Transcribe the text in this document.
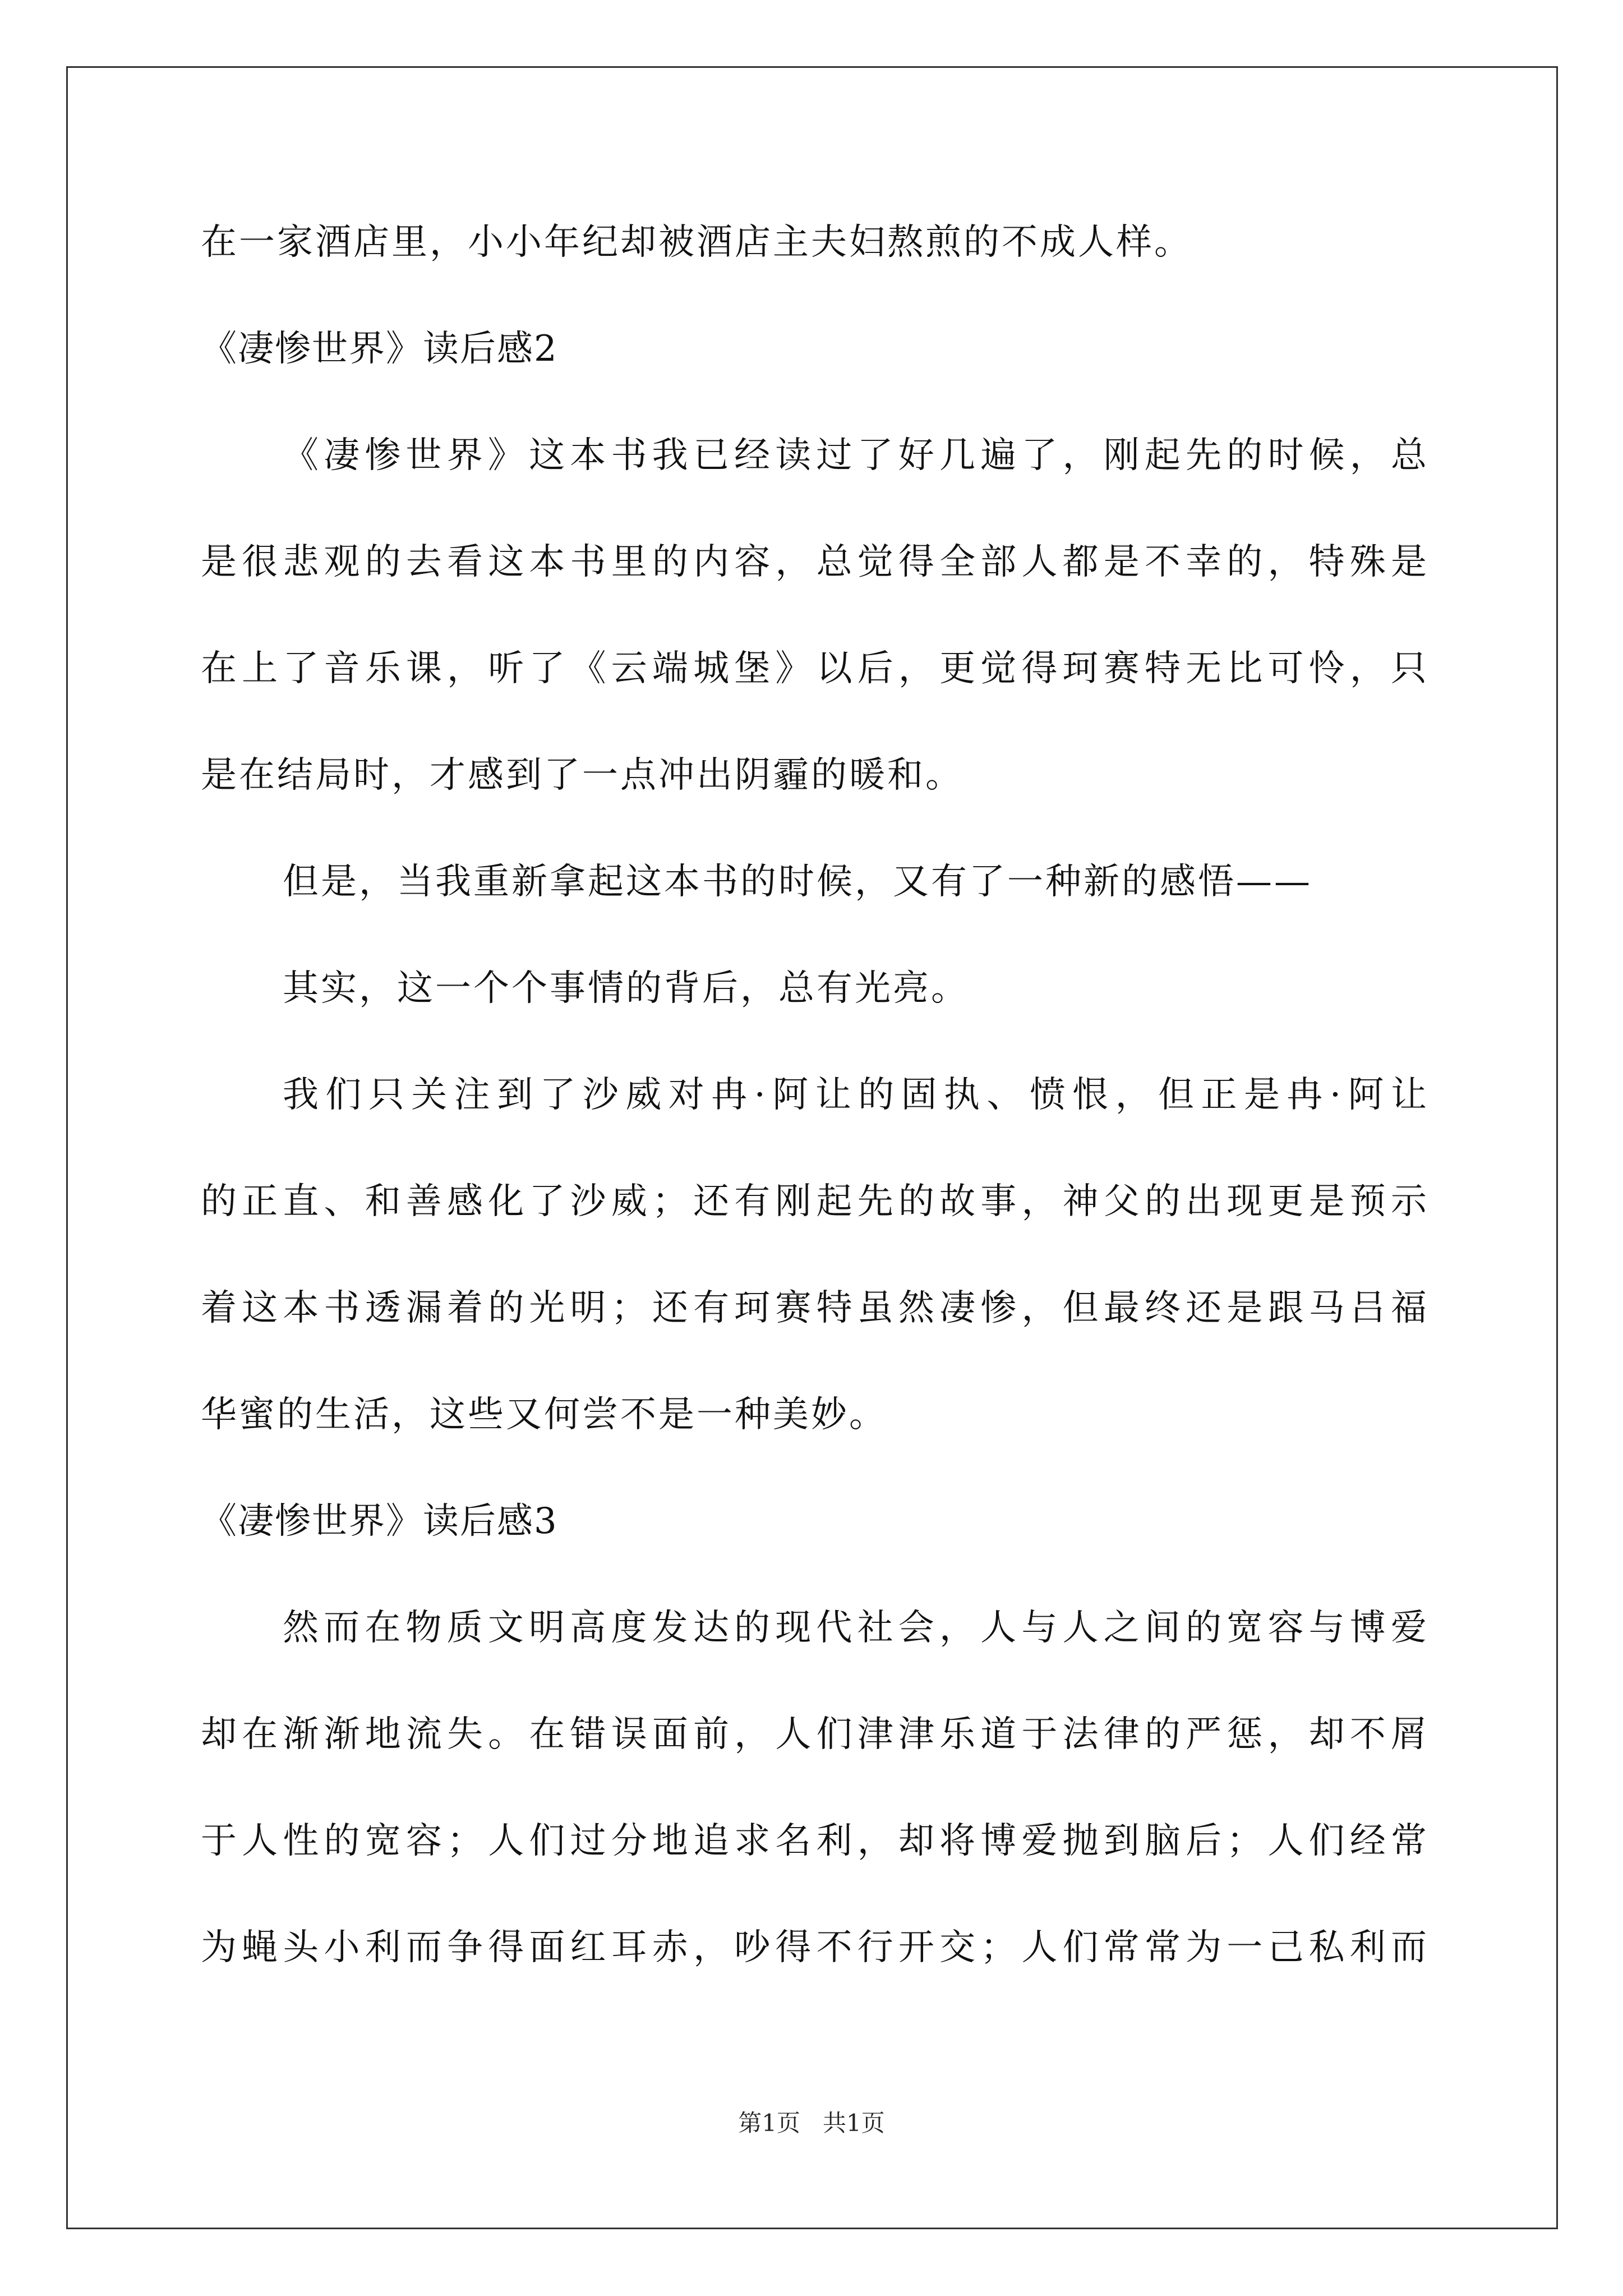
在一家酒店里，小小年纪却被酒店主夫妇熬煎的不成人样。
《凄惨世界》读后感2
《凄惨世界》这本书我已经读过了好几遍了，刚起先的时候，总
是很悲观的去看这本书里的内容，总觉得全部人都是不幸的，特殊是
在上了音乐课，听了《云端城堡》以后，更觉得珂赛特无比可怜，只
是在结局时，才感到了一点冲出阴霾的暖和。
但是，当我重新拿起这本书的时候，又有了一种新的感悟——
其实，这一个个事情的背后，总有光亮。
我们只关注到了沙威对冉·阿让的固执、愤恨，但正是冉·阿让
的正直、和善感化了沙威；还有刚起先的故事，神父的出现更是预示
着这本书透漏着的光明；还有珂赛特虽然凄惨，但最终还是跟马吕福
华蜜的生活，这些又何尝不是一种美妙。
《凄惨世界》读后感3
然而在物质文明高度发达的现代社会，人与人之间的宽容与博爱
却在渐渐地流失。在错误面前，人们津津乐道于法律的严惩，却不屑
于人性的宽容；人们过分地追求名利，却将博爱抛到脑后；人们经常
为蝇头小利而争得面红耳赤，吵得不行开交；人们常常为一己私利而
第1页 共1页
